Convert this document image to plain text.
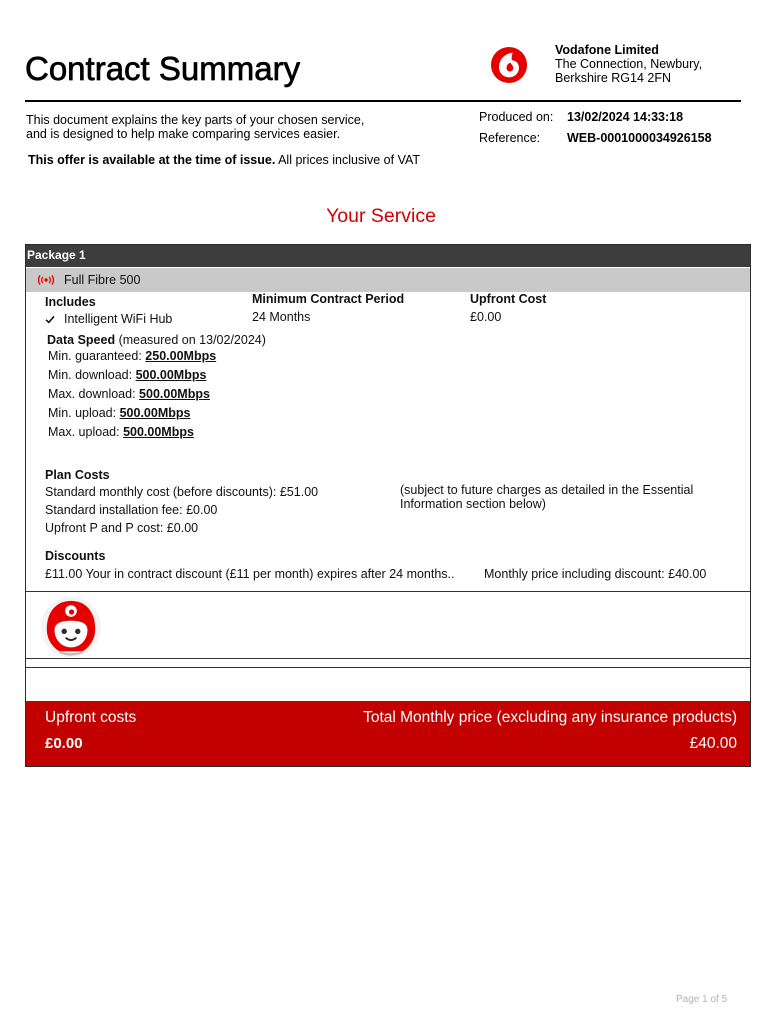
Contract Summary	Vodafone Limited
The Connection, Newbury,
Berkshire RG14 2FN
This document explains the key parts of your chosen service,
and is designed to help make comparing services easier.
This offer is available at the time of issue. All prices inclusive of VAT
Produced on: 13/02/2024 14:33:18
Reference: WEB-0001000034926158
Your Service
Package 1
Full Fibre 500
Includes
Intelligent WiFi Hub
Minimum Contract Period
24 Months
Upfront Cost
£0.00
Data Speed (measured on 13/02/2024)
Min. guaranteed: 250.00Mbps
Min. download: 500.00Mbps
Max. download: 500.00Mbps
Min. upload: 500.00Mbps
Max. upload: 500.00Mbps
Plan Costs
Standard monthly cost (before discounts): £51.00
Standard installation fee: £0.00
Upfront P and P cost: £0.00
(subject to future charges as detailed in the Essential
Information section below)
Discounts
£11.00 Your in contract discount (£11 per month) expires after 24 months.. Monthly price including discount: £40.00
Upfront costs
£0.00
Total Monthly price (excluding any insurance products)
£40.00
Page 1 of 5
